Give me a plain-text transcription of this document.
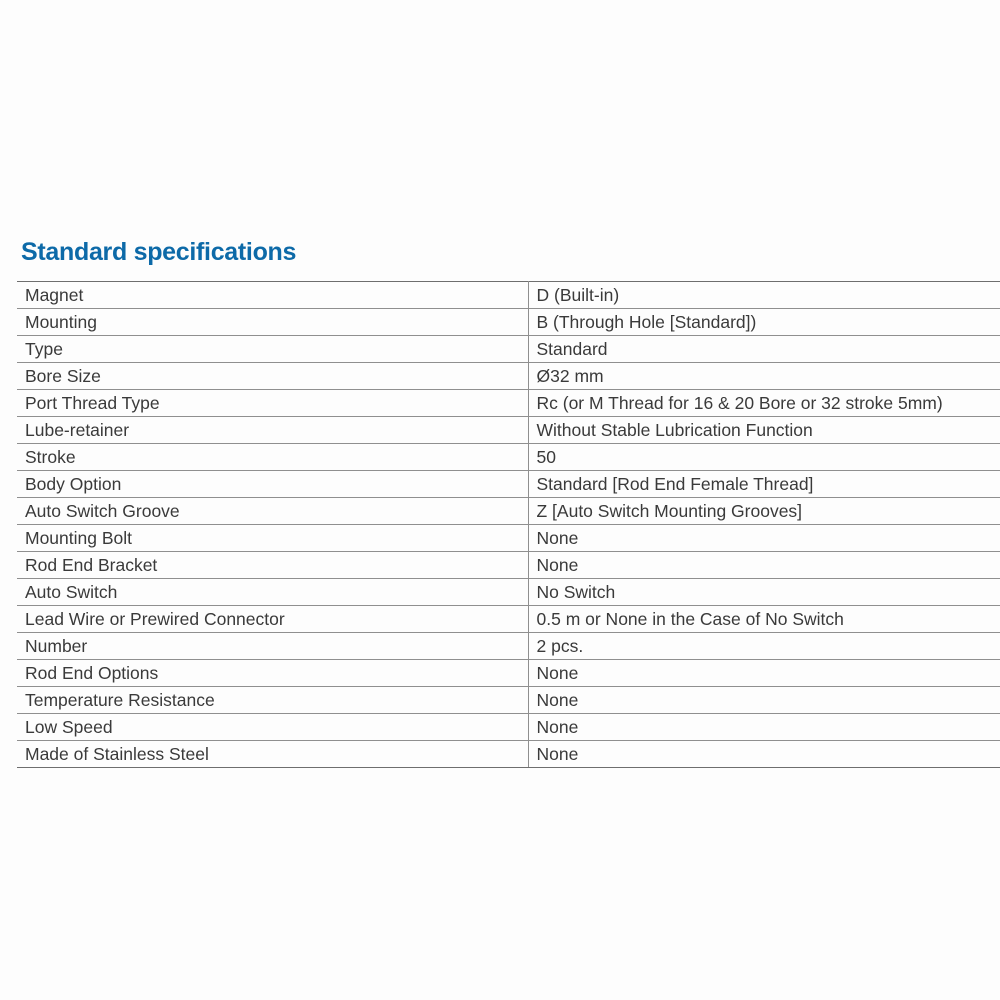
Standard specifications
Magnet	D (Built-in)
Mounting	B (Through Hole [Standard])
Type	Standard
Bore Size	Ø32 mm
Port Thread Type	Rc (or M Thread for 16 & 20 Bore or 32 stroke 5mm)
Lube-retainer	Without Stable Lubrication Function
Stroke	50
Body Option	Standard [Rod End Female Thread]
Auto Switch Groove	Z [Auto Switch Mounting Grooves]
Mounting Bolt	None
Rod End Bracket	None
Auto Switch	No Switch
Lead Wire or Prewired Connector	0.5 m or None in the Case of No Switch
Number	2 pcs.
Rod End Options	None
Temperature Resistance	None
Low Speed	None
Made of Stainless Steel	None
